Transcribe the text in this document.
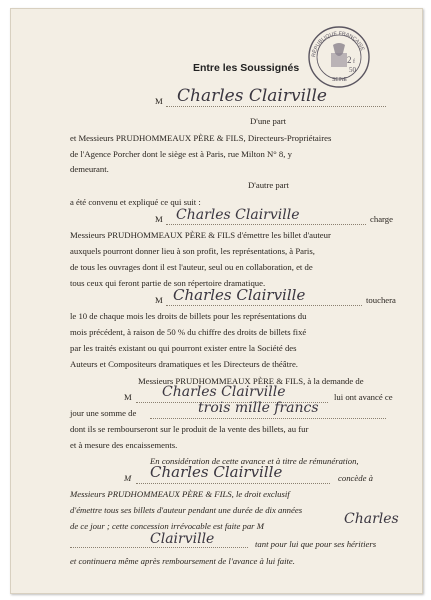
RÉPUBLIQUE FRANÇAISE
2 f
50
SEINE
Entre les Soussignés
M Charles Clairville
D'une part
et Messieurs PRUDHOMMEAUX PÈRE & FILS, Directeurs-Propriétaires
de l'Agence Porcher dont le siège est à Paris, rue Milton N° 8, y
demeurant.
D'autre part
a été convenu et expliqué ce qui suit :
M Charles Clairville	charge
Messieurs PRUDHOMMEAUX PÈRE & FILS d'émettre les billet d'auteur
auxquels pourront donner lieu à son profit, les représentations, à Paris,
de tous les ouvrages dont il est l'auteur, seul ou en collaboration, et de
tous ceux qui feront partie de son répertoire dramatique.
M Charles Clairville	touchera
le 10 de chaque mois les droits de billets pour les représentations du
mois précédent, à raison de 50 % du chiffre des droits de billets fixé
par les traités existant ou qui pourront exister entre la Société des
Auteurs et Compositeurs dramatiques et les Directeurs de théâtre.
Messieurs PRUDHOMMEAUX PÈRE & FILS, à la demande de
M Charles Clairville	lui ont avancé ce
jour une somme de	trois mille francs
dont ils se rembourseront sur le produit de la vente des billets, au fur
et à mesure des encaissements.
En considération de cette avance et à titre de rémunération,
M Charles Clairville	concède à
Messieurs PRUDHOMMEAUX PÈRE & FILS, le droit exclusif
d'émettre tous ses billets d'auteur pendant une durée de dix années
de ce jour ; cette concession irrévocable est faite par M	Charles
Clairville	tant pour lui que pour ses héritiers
et continuera même après remboursement de l'avance à lui faite.
